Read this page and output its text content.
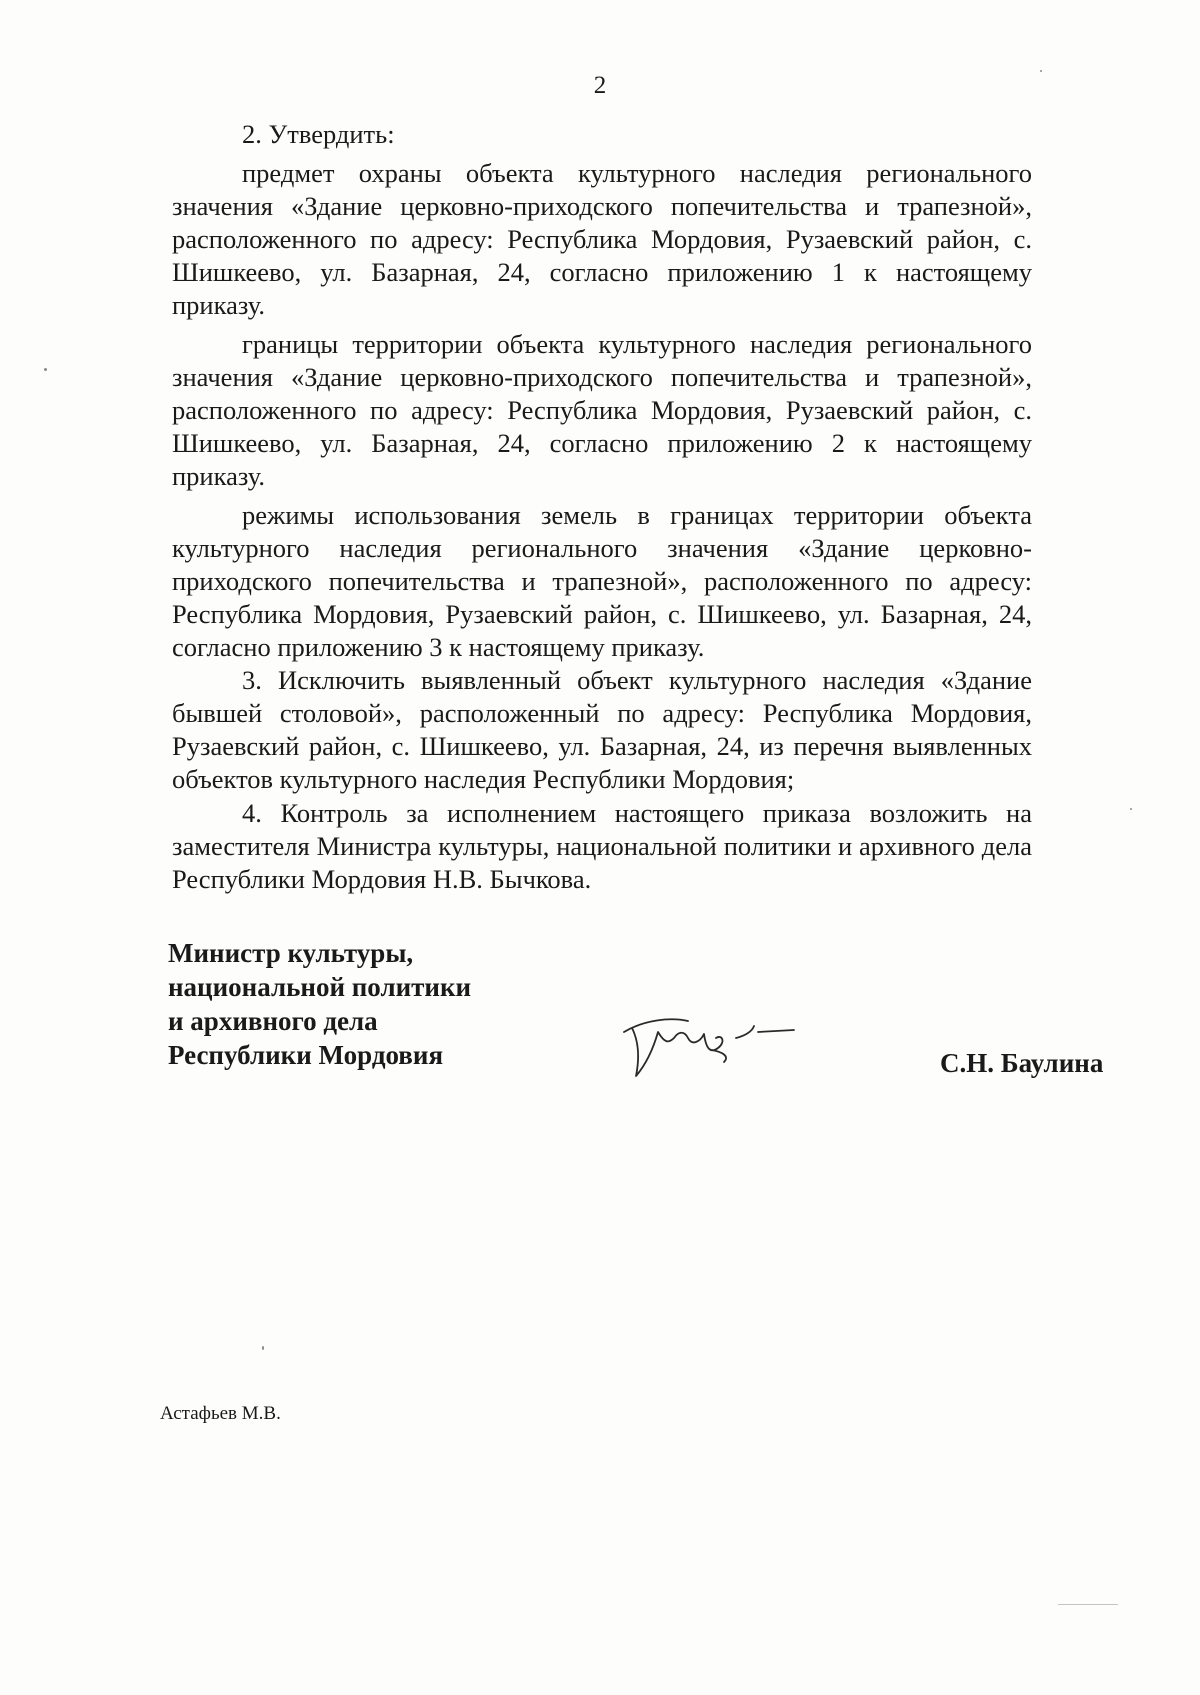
2

2. Утвердить:

предмет охраны объекта культурного наследия регионального значения «Здание церковно-приходского попечительства и трапезной», расположенного по адресу: Республика Мордовия, Рузаевский район, с. Шишкеево, ул. Базарная, 24, согласно приложению 1 к настоящему приказу.

границы территории объекта культурного наследия регионального значения «Здание церковно-приходского попечительства и трапезной», расположенного по адресу: Республика Мордовия, Рузаевский район, с. Шишкеево, ул. Базарная, 24, согласно приложению 2 к настоящему приказу.

режимы использования земель в границах территории объекта культурного наследия регионального значения «Здание церковно-приходского попечительства и трапезной», расположенного по адресу: Республика Мордовия, Рузаевский район, с. Шишкеево, ул. Базарная, 24, согласно приложению 3 к настоящему приказу.

3. Исключить выявленный объект культурного наследия «Здание бывшей столовой», расположенный по адресу: Республика Мордовия, Рузаевский район, с. Шишкеево, ул. Базарная, 24, из перечня выявленных объектов культурного наследия Республики Мордовия;

4. Контроль за исполнением настоящего приказа возложить на заместителя Министра культуры, национальной политики и архивного дела Республики Мордовия Н.В. Бычкова.

Министр культуры,
национальной политики
и архивного дела
Республики Мордовия	С.Н. Баулина
Астафьев М.В.
